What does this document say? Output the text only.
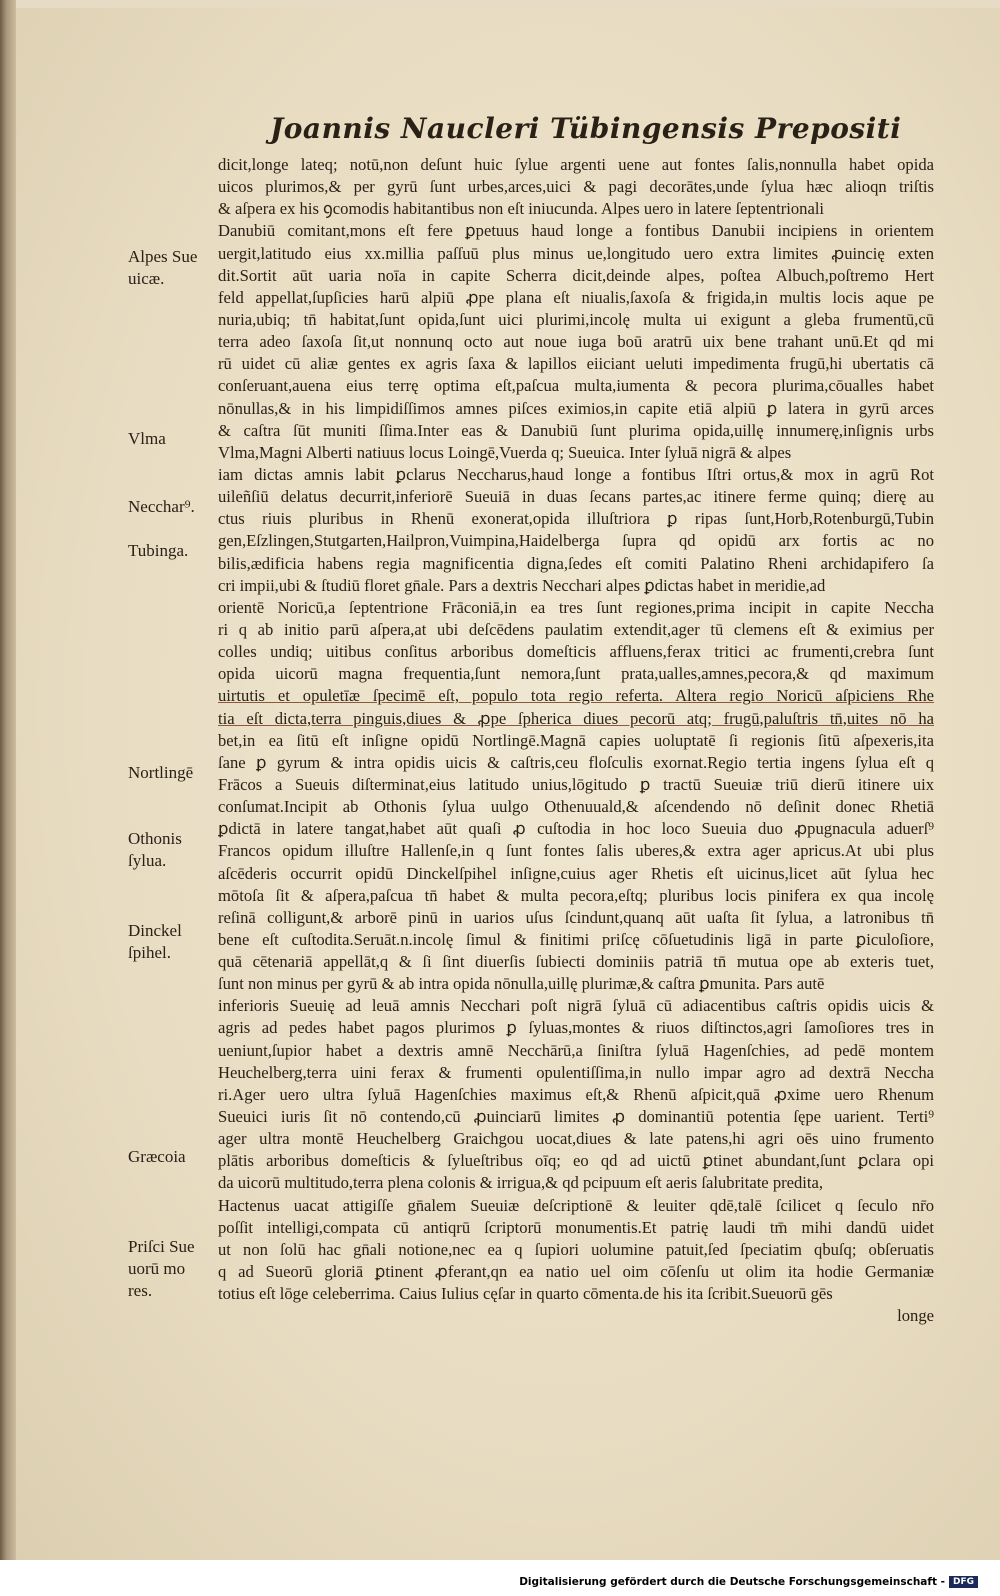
Joannis Naucleri Tübingensis Prepositi
Alpes Sue
uicæ.
Vlma
Necchar⁹.
Tubinga.
Nortlingē
Othonis
ſylua.
Dinckel
ſpihel.
Græcoia
Priſci Sue
uorū mo
res.
dicit,longe lateq; notū,non deſunt huic ſylue argenti uene aut fontes ſalis,nonnulla habet opida
uicos plurimos,& per gyrū ſunt urbes,arces,uici & pagi decorātes,unde ſylua hæc alioqn triſtis
& aſpera ex his ꝯcomodis habitantibus non eſt iniucunda. Alpes uero in latere ſeptentrionali
Danubiū comitant,mons eſt fere ꝑpetuus haud longe a fontibus Danubii incipiens in orientem
uergit,latitudo eius xx.millia paſſuū plus minus ue,longitudo uero extra limites ꝓuincię exten
dit.Sortit aūt uaria noīa in capite Scherra dicit,deinde alpes, poſtea Albuch,poſtremo Hert
feld appellat,ſupſicies harū alpiū ꝓpe plana eſt niualis,ſaxoſa & frigida,in multis locis aque pe
nuria,ubiq; tn̄ habitat,ſunt opida,ſunt uici plurimi,incolę multa ui exigunt a gleba frumentū,cū
terra adeo ſaxoſa ſit,ut nonnunq octo aut noue iuga boū aratrū uix bene trahant unū.Et qd mi
rū uidet cū aliæ gentes ex agris ſaxa & lapillos eiiciant ueluti impedimenta frugū,hi ubertatis cā
conſeruant,auena eius terrę optima eſt,paſcua multa,iumenta & pecora plurima,cōualles habet
nōnullas,& in his limpidiſſimos amnes piſces eximios,in capite etiā alpiū ꝑ latera in gyrū arces
& caſtra ſūt muniti ſſima.Inter eas & Danubiū ſunt plurima opida,uillę innumerę,inſignis urbs
Vlma,Magni Alberti natiuus locus Loingē,Vuerda q; Sueuica. Inter ſyluā nigrā & alpes
iam dictas amnis labit ꝑclarus Neccharus,haud longe a fontibus Iſtri ortus,& mox in agrū Rot
uileñſiū delatus decurrit,inferiorē Sueuiā in duas ſecans partes,ac itinere ferme quinq; dierę au
ctus riuis pluribus in Rhenū exonerat,opida illuſtriora ꝑ ripas ſunt,Horb,Rotenburgū,Tubin
gen,Eſzlingen,Stutgarten,Hailpron,Vuimpina,Haidelberga ſupra qd opidū arx fortis ac no
bilis,ædificia habens regia magnificentia digna,ſedes eſt comiti Palatino Rheni archidapifero ſa
cri impii,ubi & ſtudiū floret gn̄ale. Pars a dextris Necchari alpes ꝑdictas habet in meridie,ad
orientē Noricū,a ſeptentrione Frāconiā,in ea tres ſunt regiones,prima incipit in capite Neccha
ri q ab initio parū aſpera,at ubi deſcēdens paulatim extendit,ager tū clemens eſt & eximius per
colles undiq; uitibus conſitus arboribus domeſticis affluens,ferax tritici ac frumenti,crebra ſunt
opida uicorū magna frequentia,ſunt nemora,ſunt prata,ualles,amnes,pecora,& qd maximum
uirtutis et opuletīæ ſpecimē eſt, populo tota regio referta. Altera regio Noricū aſpiciens Rhe
tia eſt dicta,terra pinguis,diues & ꝓpe ſpherica diues pecorū atq; frugū,paluſtris tn̄,uites nō ha
bet,in ea ſitū eſt inſigne opidū Nortlingē.Magnā capies uoluptatē ſi regionis ſitū aſpexeris,ita
ſane ꝑ gyrum & intra opidis uicis & caſtris,ceu floſculis exornat.Regio tertia ingens ſylua eſt q
Frācos a Sueuis diſterminat,eius latitudo unius,lōgitudo ꝑ tractū Sueuiæ triū dierū itinere uix
conſumat.Incipit ab Othonis ſylua uulgo Othenuuald,& aſcendendo nō deſinit donec Rhetiā
ꝑdictā in latere tangat,habet aūt quaſi ꝓ cuſtodia in hoc loco Sueuia duo ꝓpugnacula aduerſ⁹
Francos opidum illuſtre Hallenſe,in q ſunt fontes ſalis uberes,& extra ager apricus.At ubi plus
aſcēderis occurrit opidū Dinckelſpihel inſigne,cuius ager Rhetis eſt uicinus,licet aūt ſylua hec
mōtoſa ſit & aſpera,paſcua tn̄ habet & multa pecora,eſtq; pluribus locis pinifera ex qua incolę
reſinā colligunt,& arborē pinū in uarios uſus ſcindunt,quanq aūt uaſta ſit ſylua, a latronibus tn̄
bene eſt cuſtodita.Seruāt.n.incolę ſimul & finitimi priſcę cōſuetudinis ligā in parte ꝑiculoſiore,
quā cētenariā appellāt,q & ſi ſint diuerſis ſubiecti dominiis patriā tn̄ mutua ope ab exteris tuet,
ſunt non minus per gyrū & ab intra opida nōnulla,uillę plurimæ,& caſtra ꝑmunita. Pars autē
inferioris Sueuię ad leuā amnis Necchari poſt nigrā ſyluā cū adiacentibus caſtris opidis uicis &
agris ad pedes habet pagos plurimos ꝑ ſyluas,montes & riuos diſtinctos,agri ſamoſiores tres in
ueniunt,ſupior habet a dextris amnē Necchārū,a ſiniſtra ſyluā Hagenſchies, ad pedē montem
Heuchelberg,terra uini ferax & frumenti opulentiſſima,in nullo impar agro ad dextrā Neccha
ri.Ager uero ultra ſyluā Hagenſchies maximus eſt,& Rhenū aſpicit,quā ꝓxime uero Rhenum
Sueuici iuris ſit nō contendo,cū ꝓuinciarū limites ꝓ dominantiū potentia ſępe uarient. Terti⁹
ager ultra montē Heuchelberg Graichgou uocat,diues & late patens,hi agri oēs uino frumento
plātis arboribus domeſticis & ſylueſtribus oīq; eo qd ad uictū ꝑtinet abundant,ſunt ꝑclara opi
da uicorū multitudo,terra plena colonis & irrigua,& qd pcipuum eſt aeris ſalubritate predita,
Hactenus uacat attigiſſe gn̄alem Sueuiæ deſcriptionē & leuiter qdē,talē ſcilicet q ſeculo nr̄o
poſſit intelligi,compata cū antiqrū ſcriptorū monumentis.Et patrię laudi tm̄ mihi dandū uidet
ut non ſolū hac gn̄ali notione,nec ea q ſupiori uolumine patuit,ſed ſpeciatim qbuſq; obſeruatis
q ad Sueorū gloriā ꝑtinent ꝓferant,qn ea natio uel oim cōſenſu ut olim ita hodie Germaniæ
totius eſt lōge celeberrima. Caius Iulius cęſar in quarto cōmenta.de his ita ſcribit.Sueuorū gēs
longe
Digitalisierung gefördert durch die Deutsche Forschungsgemeinschaft - DFG
